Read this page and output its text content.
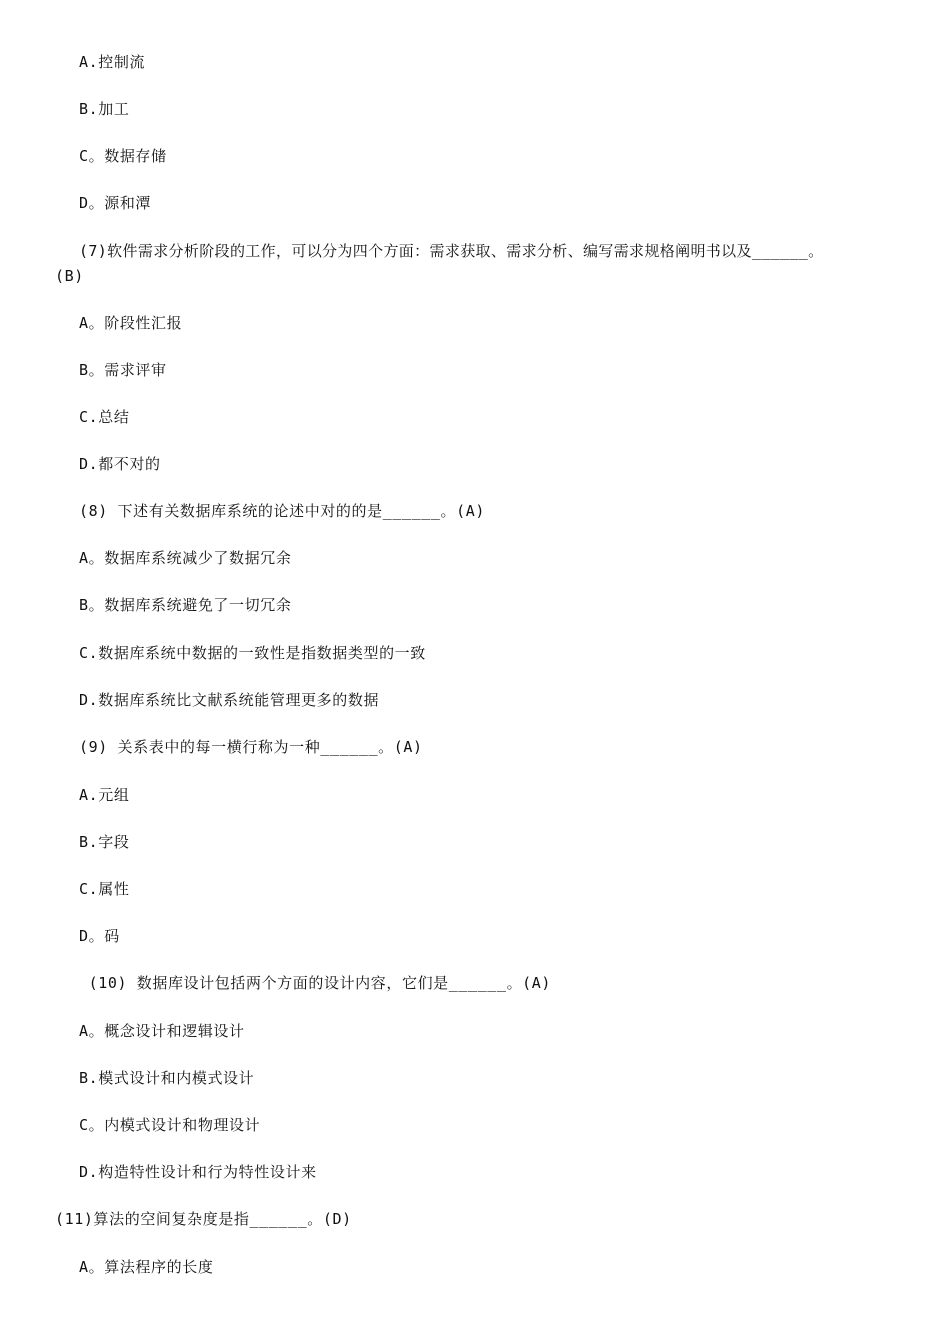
A.控制流
B.加工
C。数据存储
D。源和潭
(7)软件需求分析阶段的工作，可以分为四个方面：需求获取、需求分析、编写需求规格阐明书以及______。
(B)
A。阶段性汇报
B。需求评审
C.总结
D.都不对的
(8) 下述有关数据库系统的论述中对的的是______。(A)
A。数据库系统减少了数据冗余
B。数据库系统避免了一切冗余
C.数据库系统中数据的一致性是指数据类型的一致
D.数据库系统比文献系统能管理更多的数据
(9) 关系表中的每一横行称为一种______。(A)
A.元组
B.字段
C.属性
D。码
(10) 数据库设计包括两个方面的设计内容，它们是______。(A)
A。概念设计和逻辑设计
B.模式设计和内模式设计
C。内模式设计和物理设计
D.构造特性设计和行为特性设计来
(11)算法的空间复杂度是指______。(D)
A。算法程序的长度
